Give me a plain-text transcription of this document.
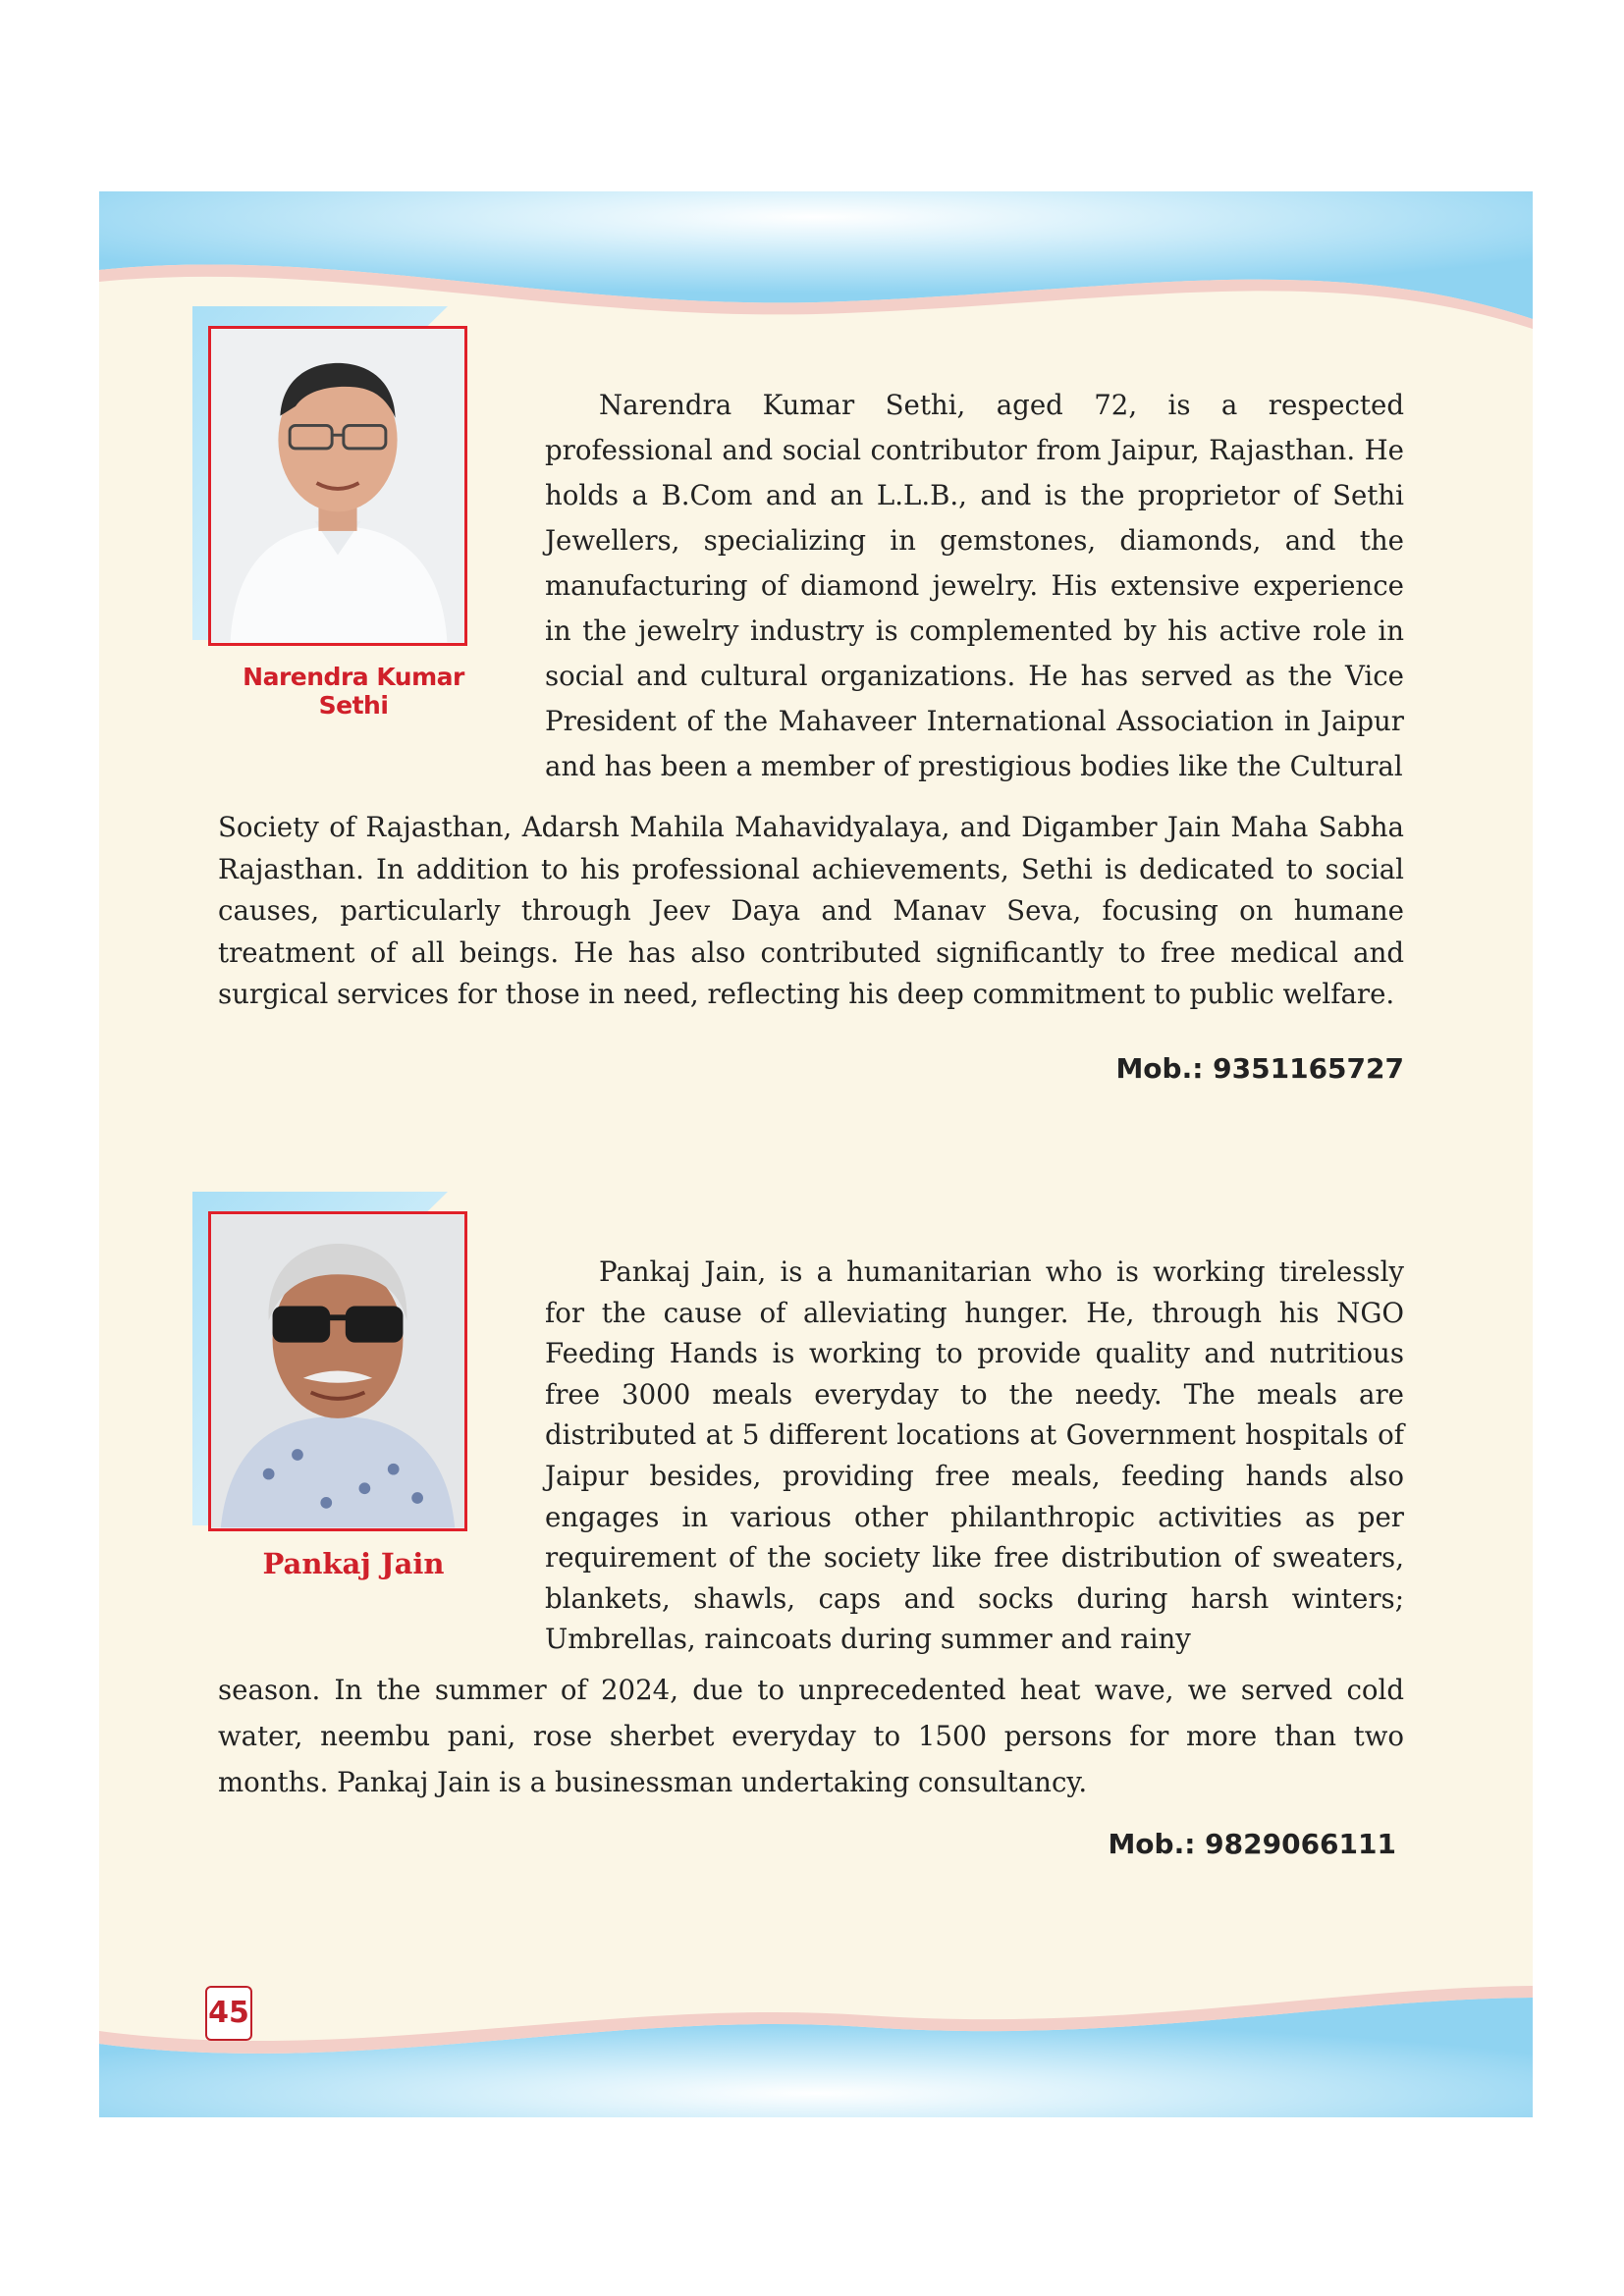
Narendra Kumar Sethi

Narendra Kumar Sethi, aged 72, is a respected professional and social contributor from Jaipur, Rajasthan. He holds a B.Com and an L.L.B., and is the proprietor of Sethi Jewellers, specializing in gemstones, diamonds, and the manufacturing of diamond jewelry. His extensive experience in the jewelry industry is complemented by his active role in social and cultural organizations. He has served as the Vice President of the Mahaveer International Association in Jaipur and has been a member of prestigious bodies like the Cultural

Society of Rajasthan, Adarsh Mahila Mahavidyalaya, and Digamber Jain Maha Sabha Rajasthan. In addition to his professional achievements, Sethi is dedicated to social causes, particularly through Jeev Daya and Manav Seva, focusing on humane treatment of all beings. He has also contributed significantly to free medical and surgical services for those in need, reflecting his deep commitment to public welfare.

Mob.: 9351165727
Pankaj Jain

Pankaj Jain, is a humanitarian who is working tirelessly for the cause of alleviating hunger. He, through his NGO Feeding Hands is working to provide quality and nutritious free 3000 meals everyday to the needy. The meals are distributed at 5 different locations at Government hospitals of Jaipur besides, providing free meals, feeding hands also engages in various other philanthropic activities as per requirement of the society like free distribution of sweaters, blankets, shawls, caps and socks during harsh winters; Umbrellas, raincoats during summer and rainy

season. In the summer of 2024, due to unprecedented heat wave, we served cold water, neembu pani, rose sherbet everyday to 1500 persons for more than two months. Pankaj Jain is a businessman undertaking consultancy.

Mob.: 9829066111
45
